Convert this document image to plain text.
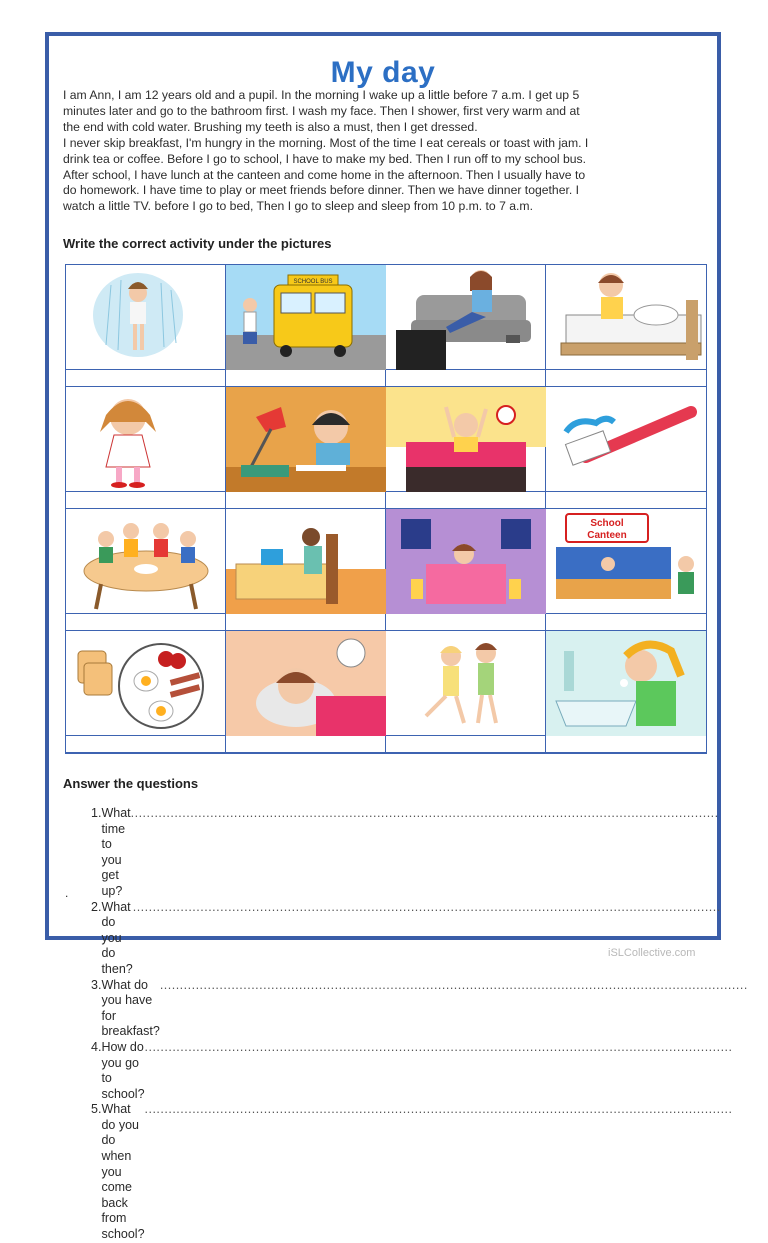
My day
I am Ann, I am 12 years old and a pupil. In the morning I wake up a little before 7 a.m. I get up 5
minutes later and go to the bathroom first. I wash my face. Then I shower, first very warm and at
the end with cold water. Brushing my teeth is also a must, then I get dressed.
I never skip breakfast, I'm hungry in the morning. Most of the time I eat cereals or toast with jam. I
drink tea or coffee. Before I go to school, I have to make my bed. Then I run off to my school bus.
After school, I have lunch at the canteen and come home in the afternoon. Then I usually have to
do homework. I have time to play or meet friends before dinner. Then we have dinner together. I
watch a little TV. before I go to bed, Then I go to sleep and sleep from 10 p.m. to 7 a.m.
Write the correct activity under the pictures
SCHOOL BUS
School
Canteen
Answer the questions
1. What time to you get up?
....................................................................................................................................................
2. What do you do then?
....................................................................................................................................................
3. What do you have for breakfast?
....................................................................................................................................................
4. How do you go to school?
....................................................................................................................................................
5. What do you do when you come back from school?
....................................................................................................................................................
.
iSLCollective.com
